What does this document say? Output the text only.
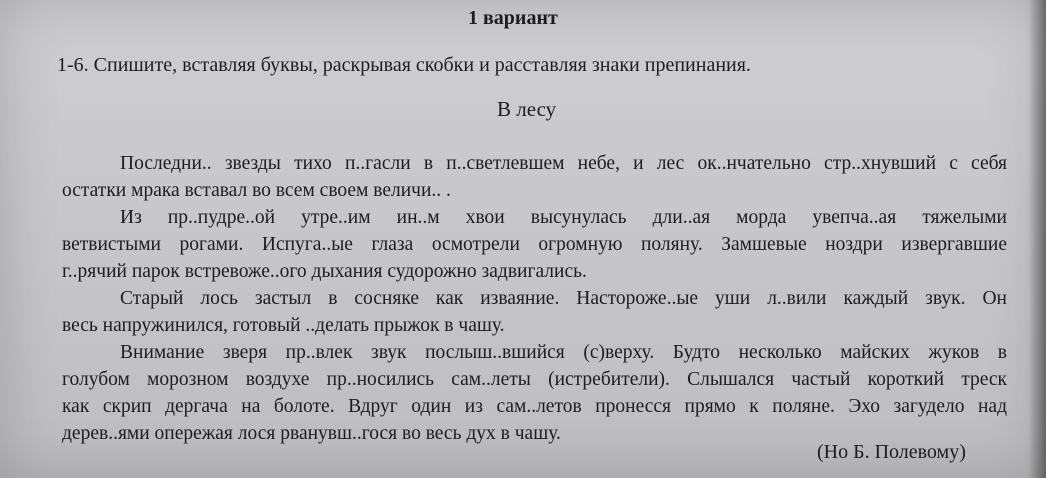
1 вариант
1-6. Спишите, вставляя буквы, раскрывая скобки и расставляя знаки препинания.
В лесу
Последни.. звезды тихо п..гасли в п..светлевшем небе, и лес ок..нчательно стр..хнувший с себя
остатки мрака вставал во всем своем величи.. .
Из пр..пудре..ой утре..им ин..м хвои высунулась дли..ая морда увепча..ая тяжелыми
ветвистыми рогами. Испуга..ые глаза осмотрели огромную поляну. Замшевые ноздри извергавшие
г..рячий парок встревоже..ого дыхания судорожно задвигались.
Старый лось застыл в сосняке как изваяние. Настороже..ые уши л..вили каждый звук. Он
весь напружинился, готовый ..делать прыжок в чашу.
Внимание зверя пр..влек звук послыш..вшийся (с)верху. Будто несколько майских жуков в
голубом морозном воздухе пр..носились сам..леты (истребители). Слышался частый короткий треск
как скрип дергача на болоте. Вдруг один из сам..летов пронесся прямо к поляне. Эхо загудело над
дерев..ями опережая лося рванувш..гося во весь дух в чашу.
(Но Б. Полевому)
